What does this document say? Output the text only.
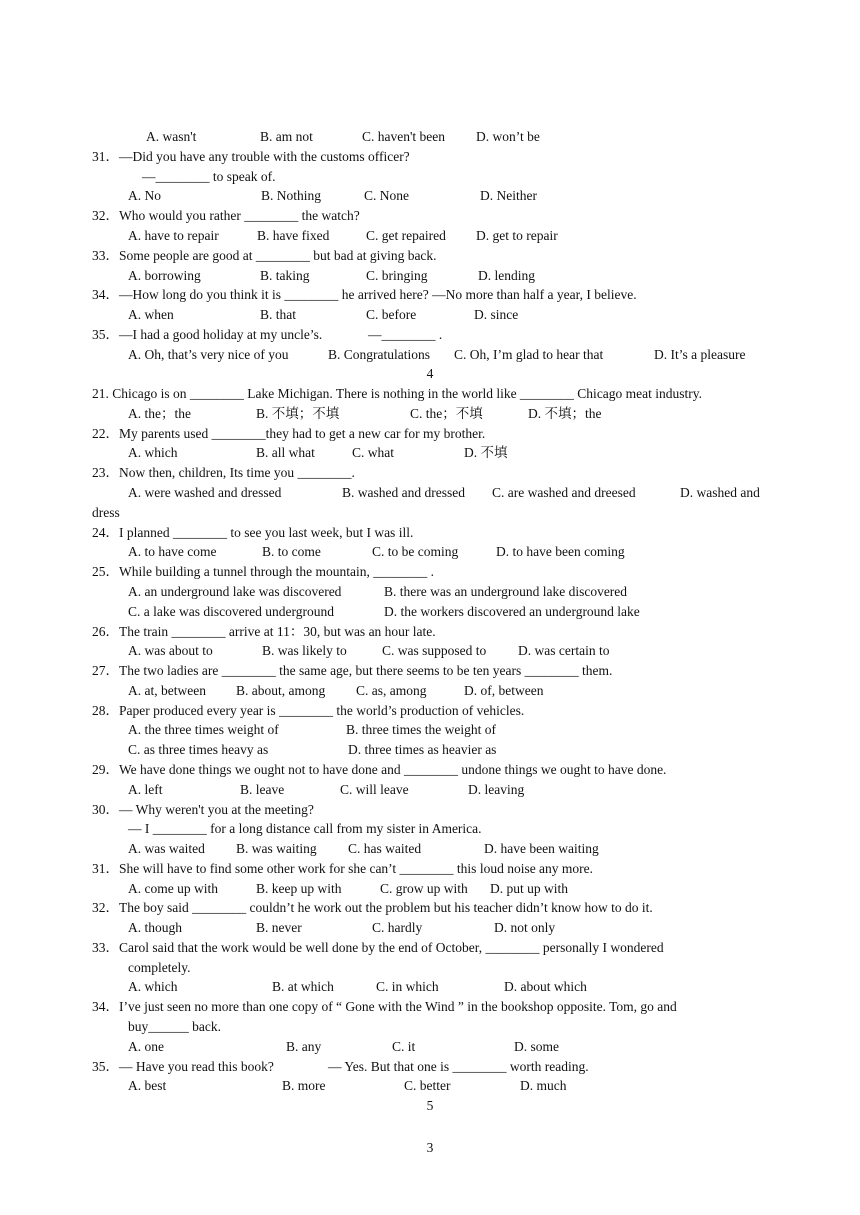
A. wasn't	B. am not	C. haven't been D. won’t be
31．—Did you have any trouble with the customs officer?
—________ to speak of.
A. No	B. Nothing	C. None	D. Neither
32．Who would you rather ________ the watch?
A. have to repair	B. have fixed	C. get repaired D. get to repair
33．Some people are good at ________ but bad at giving back.
A. borrowing	B. taking	C. bringing	D. lending
34．—How long do you think it is ________ he arrived here? —No more than half a year, I believe.
A. when	B. that	C. before	D. since
35．—I had a good holiday at my uncle’s.	—________ .
A. Oh, that’s very nice of you	B. Congratulations C. Oh, I’m glad to hear that	D. It’s a pleasure
4
21. Chicago is on ________ Lake Michigan. There is nothing in the world like ________ Chicago meat industry.
A. the；the	B. 不填；不填	C. the；不填	D. 不填；the
22．My parents used ________they had to get a new car for my brother.
A. which	B. all what	C. what	D. 不填
23．Now then, children, Its time you ________.
A. were washed and dressed	B. washed and dressed C. are washed and dreesed	D. washed and
dress
24．I planned ________ to see you last week, but I was ill.
A. to have come	B. to come	C. to be coming	D. to have been coming
25．While building a tunnel through the mountain, ________ .
A. an underground lake was discovered	B. there was an underground lake discovered
C. a lake was discovered underground	D. the workers discovered an underground lake
26．The train ________ arrive at 11：30, but was an hour late.
A. was about to	B. was likely to	C. was supposed to D. was certain to
27．The two ladies are ________ the same age, but there seems to be ten years ________ them.
A. at, between B. about, among C. as, among	D. of, between
28．Paper produced every year is ________ the world’s production of vehicles.
A. the three times weight of	B. three times the weight of
C. as three times heavy as	D. three times as heavier as
29．We have done things we ought not to have done and ________ undone things we ought to have done.
A. left	B. leave	C. will leave	D. leaving
30．— Why weren't you at the meeting?
— I ________ for a long distance call from my sister in America.
A. was waited B. was waiting C. has waited	D. have been waiting
31．She will have to find some other work for she can’t ________ this loud noise any more.
A. come up with	B. keep up with	C. grow up with D. put up with
32．The boy said ________ couldn’t he work out the problem but his teacher didn’t know how to do it.
A. though	B. never	C. hardly	D. not only
33．Carol said that the work would be well done by the end of October, ________ personally I wondered
completely.
A. which	B. at which	C. in which	D. about which
34．I’ve just seen no more than one copy of “ Gone with the Wind ” in the bookshop opposite. Tom, go and
buy______ back.
A. one	B. any	C. it	D. some
35．— Have you read this book?	— Yes. But that one is ________ worth reading.
A. best	B. more	C. better	D. much
5
3
